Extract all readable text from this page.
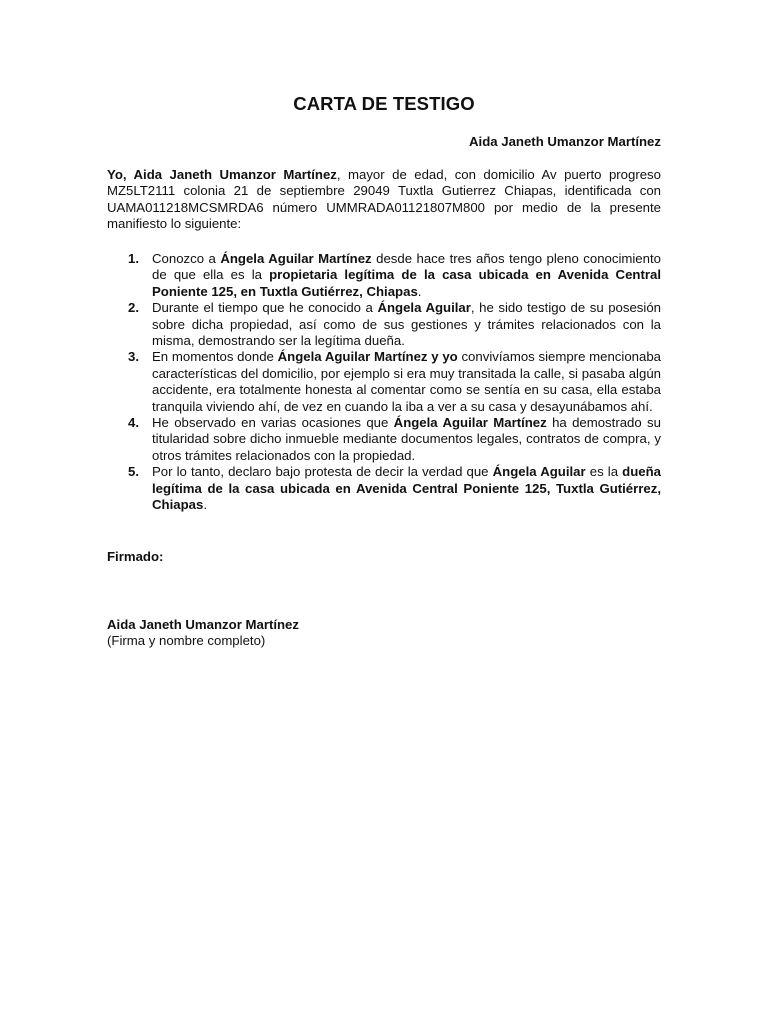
CARTA DE TESTIGO
Aida Janeth Umanzor Martínez
Yo, Aida Janeth Umanzor Martínez, mayor de edad, con domicilio Av puerto progreso MZ5LT2111 colonia 21 de septiembre 29049 Tuxtla Gutierrez Chiapas, identificada con UAMA011218MCSMRDA6 número UMMRADA01121807M800 por medio de la presente manifiesto lo siguiente:
1. Conozco a Ángela Aguilar Martínez desde hace tres años tengo pleno conocimiento de que ella es la propietaria legítima de la casa ubicada en Avenida Central Poniente 125, en Tuxtla Gutiérrez, Chiapas.
2. Durante el tiempo que he conocido a Ángela Aguilar, he sido testigo de su posesión sobre dicha propiedad, así como de sus gestiones y trámites relacionados con la misma, demostrando ser la legítima dueña.
3. En momentos donde Ángela Aguilar Martínez y yo convivíamos siempre mencionaba características del domicilio, por ejemplo si era muy transitada la calle, si pasaba algún accidente, era totalmente honesta al comentar como se sentía en su casa, ella estaba tranquila viviendo ahí, de vez en cuando la iba a ver a su casa y desayunábamos ahí.
4. He observado en varias ocasiones que Ángela Aguilar Martínez ha demostrado su titularidad sobre dicho inmueble mediante documentos legales, contratos de compra, y otros trámites relacionados con la propiedad.
5. Por lo tanto, declaro bajo protesta de decir la verdad que Ángela Aguilar es la dueña legítima de la casa ubicada en Avenida Central Poniente 125, Tuxtla Gutiérrez, Chiapas.
Firmado:
Aida Janeth Umanzor Martínez
(Firma y nombre completo)
